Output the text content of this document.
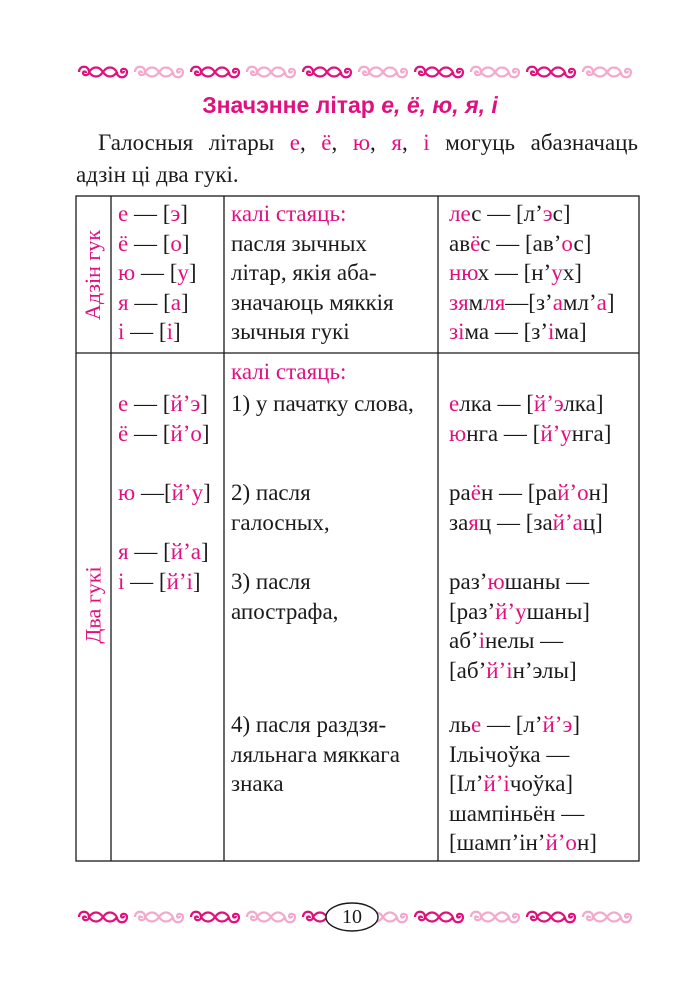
Значэнне літар е, ё, ю, я, і
Галосныя літары е, ё, ю, я, і могуць абазначаць
адзін ці два гукі.
Адзін гук
Два гукі
е — [э]
ё — [о]
ю — [у]
я — [а]
і — [і]
калі стаяць:
пасля зычных
літар, якія аба-
значаюць мяккія
зычныя гукі
лес — [л’эс]
авёс — [ав’ос]
нюх — [н’ух]
зямля—[з’амл’а]
зіма — [з’іма]
калі стаяць:
е — [й’э]
ё — [й’о]
1) у пачатку слова, елка — [й’элка]
юнга — [й’унга]
ю —[й’у] 2) пасля
галосных,
раён — [рай’он]
заяц — [зай’ац]
я — [й’а]
і — [й’і] 3) пасля
апострафа,
раз’юшаны —
[раз’й’ушаны]
аб’інелы —
[аб’й’ін’элы]
4) пасля раздзя-
ляльнага мяккага
знака
лье — [л’й’э]
Ільічоўка —
[Іл’й’ічоўка]
шампіньён —
[шамп’ін’й’он]
10
